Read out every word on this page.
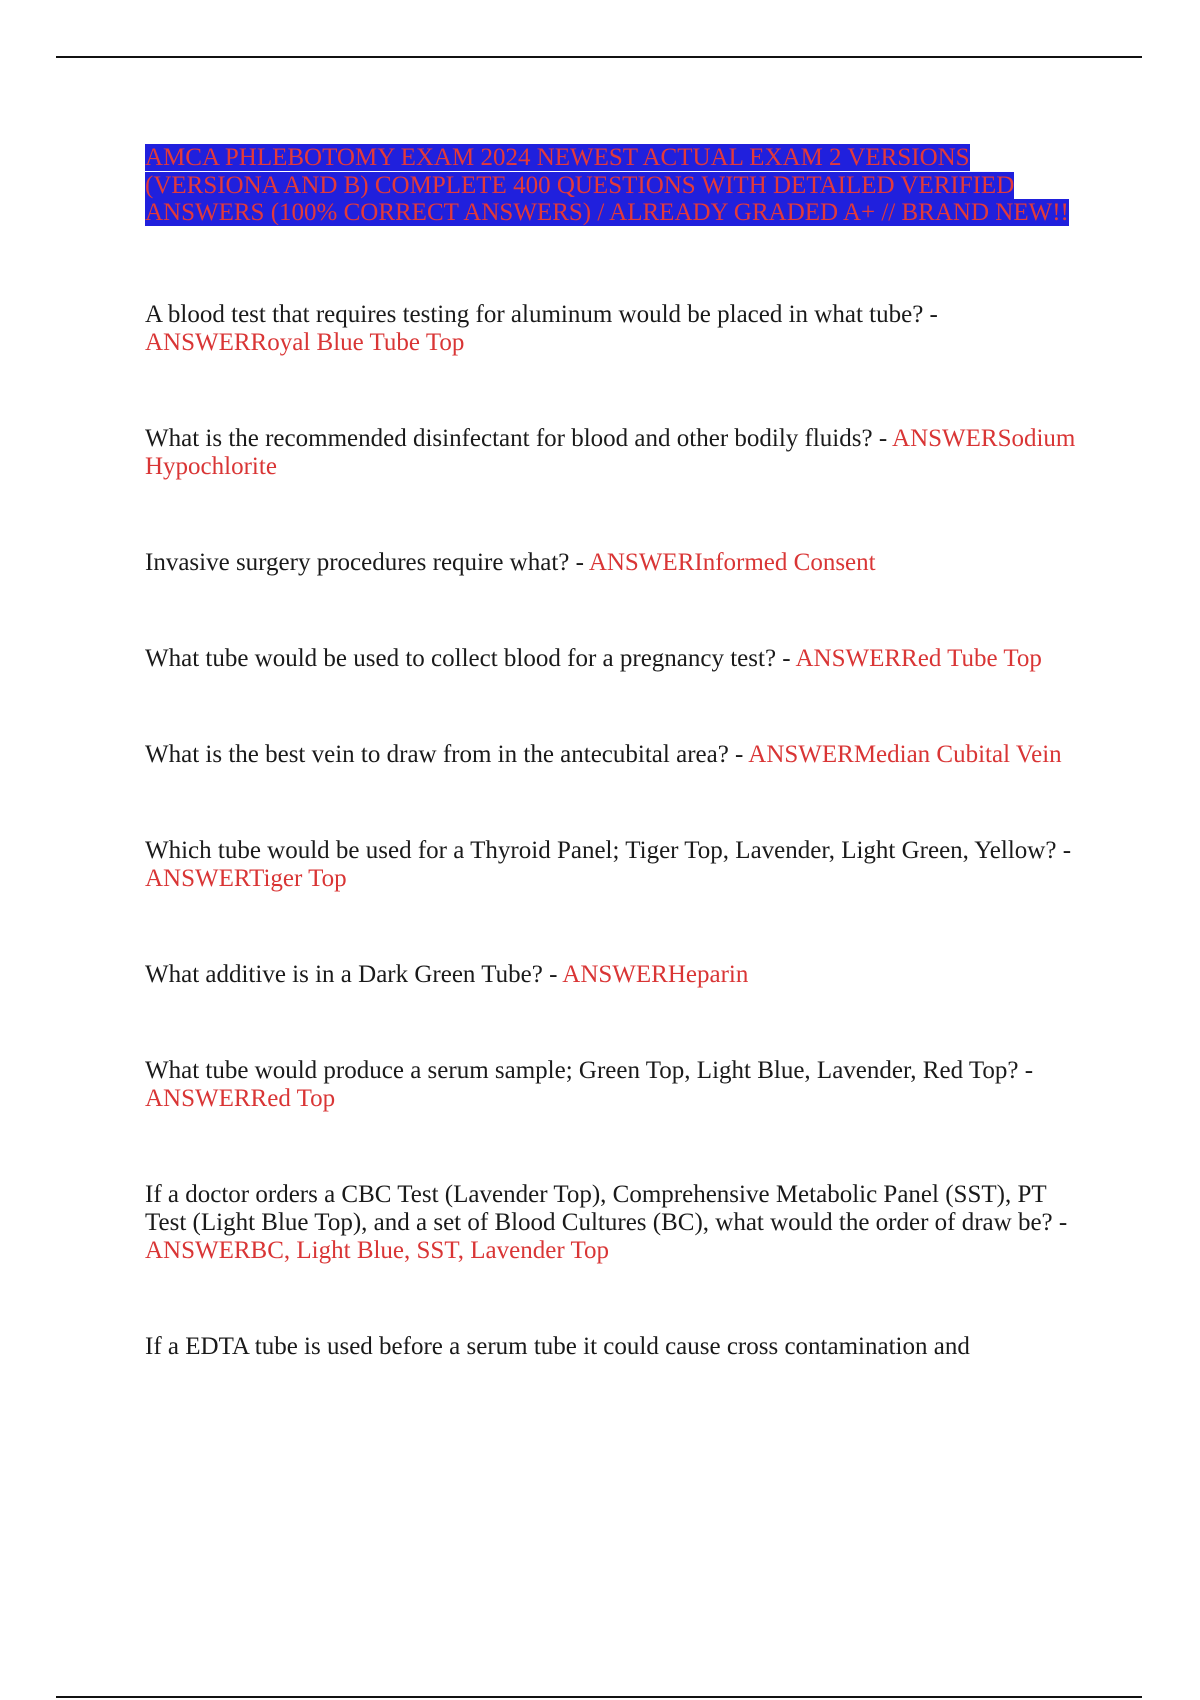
AMCA PHLEBOTOMY EXAM 2024 NEWEST ACTUAL EXAM 2 VERSIONS (VERSIONA AND B) COMPLETE 400 QUESTIONS WITH DETAILED VERIFIED ANSWERS (100% CORRECT ANSWERS) / ALREADY GRADED A+ // BRAND NEW!!
A blood test that requires testing for aluminum would be placed in what tube? - ANSWERRoyal Blue Tube Top
What is the recommended disinfectant for blood and other bodily fluids? - ANSWERSodium Hypochlorite
Invasive surgery procedures require what? - ANSWERInformed Consent
What tube would be used to collect blood for a pregnancy test? - ANSWERRed Tube Top
What is the best vein to draw from in the antecubital area? - ANSWERMedian Cubital Vein
Which tube would be used for a Thyroid Panel; Tiger Top, Lavender, Light Green, Yellow? - ANSWERTiger Top
What additive is in a Dark Green Tube? - ANSWERHeparin
What tube would produce a serum sample; Green Top, Light Blue, Lavender, Red Top? - ANSWERRed Top
If a doctor orders a CBC Test (Lavender Top), Comprehensive Metabolic Panel (SST), PT Test (Light Blue Top), and a set of Blood Cultures (BC), what would the order of draw be? - ANSWERBC, Light Blue, SST, Lavender Top
If a EDTA tube is used before a serum tube it could cause cross contamination and
